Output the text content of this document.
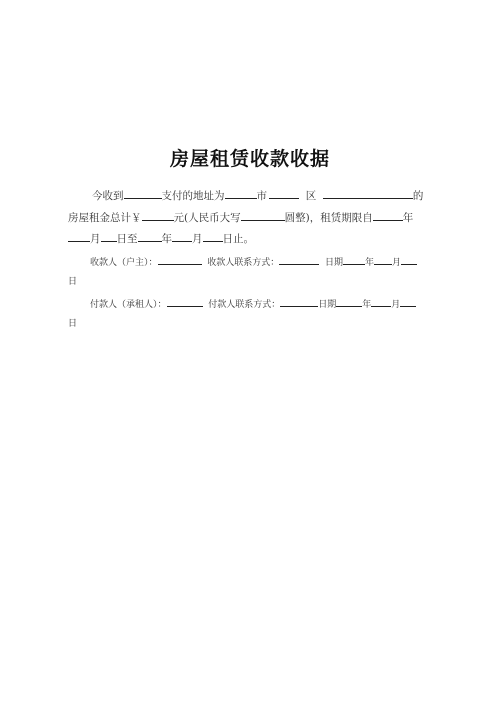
房屋租赁收款收据
今收到	支付的地址为	市	区	的房屋租金总计￥	元(人民币大写	圆整)，租赁期限自	年月 日至 年 月 日止。
收款人（户主）：	收款人联系方式：	日期 年 月
日
付款人（承租人）：	付款人联系方式：	日期	年 月
日
